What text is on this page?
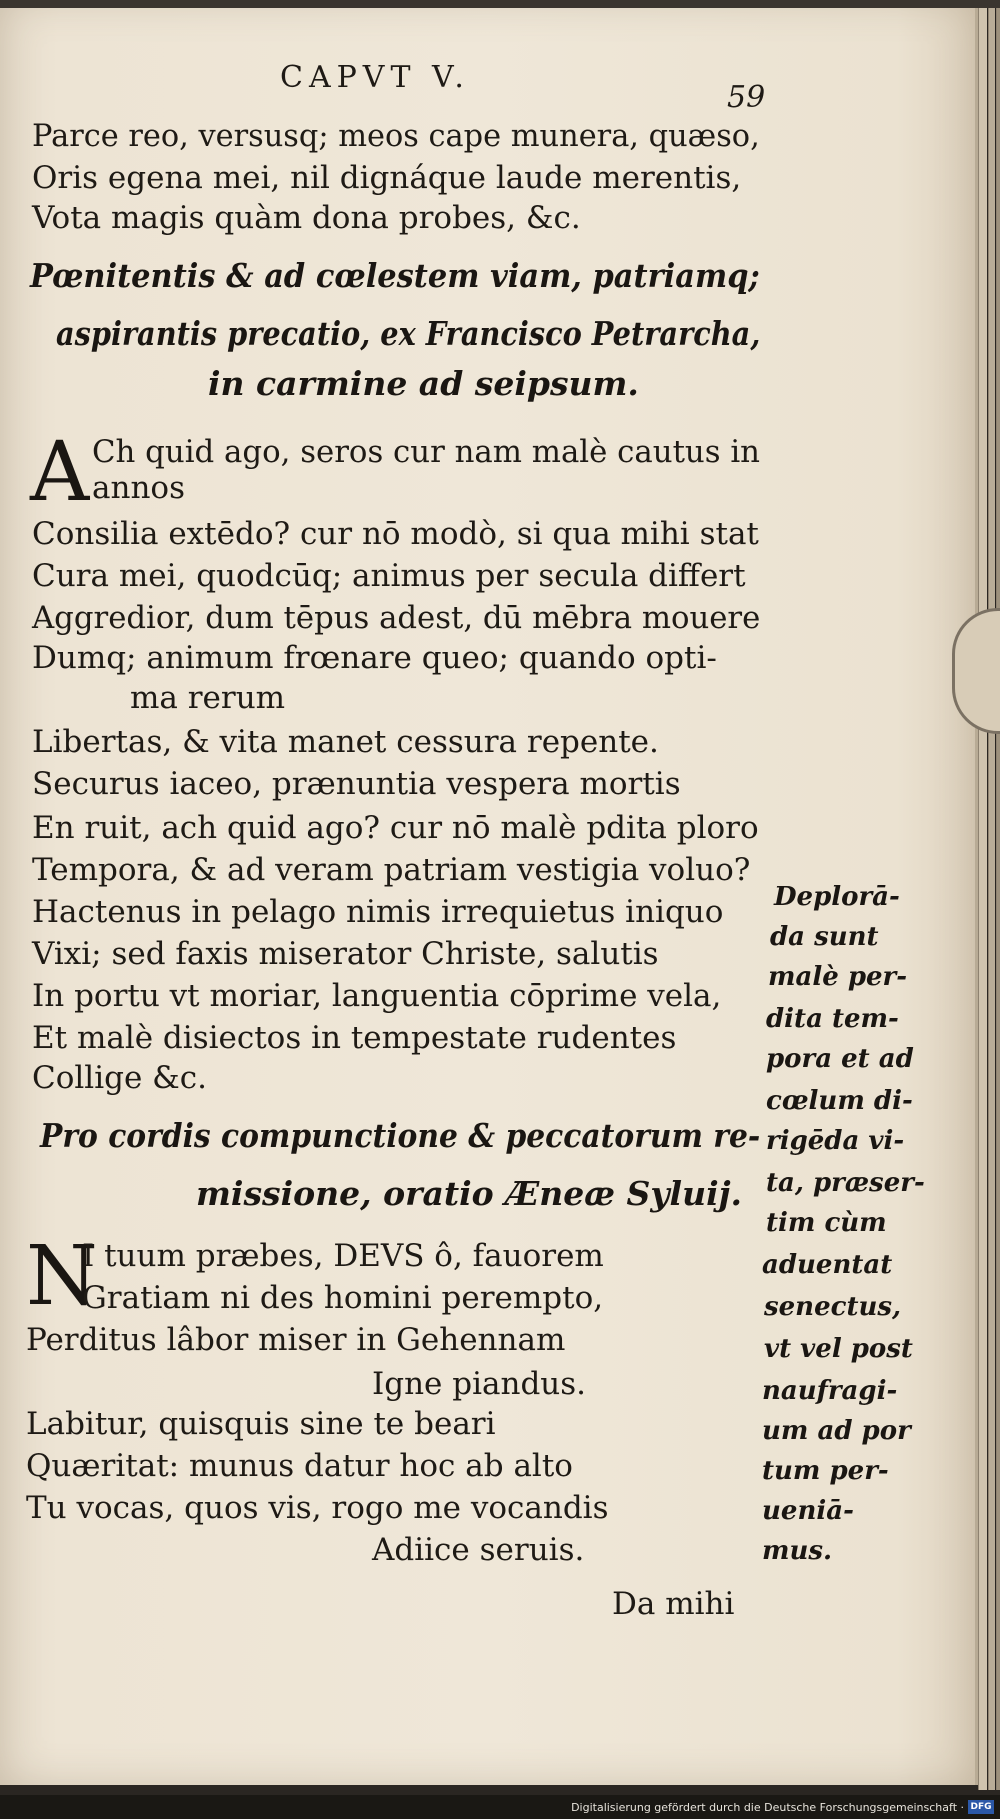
CAPVT V.
59
Parce reo, versusq; meos cape munera, quæso,
Oris egena mei, nil dignáque laude merentis,
Vota magis quàm dona probes, &c.
Pœnitentis & ad cœlestem viam, patriamq;
aspirantis precatio, ex Francisco Petrarcha,
in carmine ad seipsum.
A Ch quid ago, seros cur nam malè cautus in
annos
Consilia extēdo? cur nō modò, si qua mihi stat
Cura mei, quodcūq; animus per secula differt
Aggredior, dum tēpus adest, dū mēbra mouere
Dumq; animum frœnare queo; quando opti-
ma rerum
Libertas, & vita manet cessura repente.
Securus iaceo, prænuntia vespera mortis
En ruit, ach quid ago? cur nō malè pdita ploro
Tempora, & ad veram patriam vestigia voluo?
Hactenus in pelago nimis irrequietus iniquo
Vixi; sed faxis miserator Christe, salutis
In portu vt moriar, languentia cōprime vela,
Et malè disiectos in tempestate rudentes
Collige &c.
Pro cordis compunctione & peccatorum re-
missione, oratio Æneæ Syluij.
N
I tuum præbes, DEVS ô, fauorem
Gratiam ni des homini perempto,
Perditus lâbor miser in Gehennam
Igne piandus.
Labitur, quisquis sine te beari
Quæritat: munus datur hoc ab alto
Tu vocas, quos vis, rogo me vocandis
Adiice seruis.
Da mihi
Deplorā-
da sunt
malè per-
dita tem-
pora et ad
cœlum di-
rigēda vi-
ta, præser-
tim cùm
aduentat
senectus,
vt vel post
naufragi-
um ad por
tum per-
ueniā-
mus.
Digitalisierung gefördert durch die Deutsche Forschungsgemeinschaft · DFG
